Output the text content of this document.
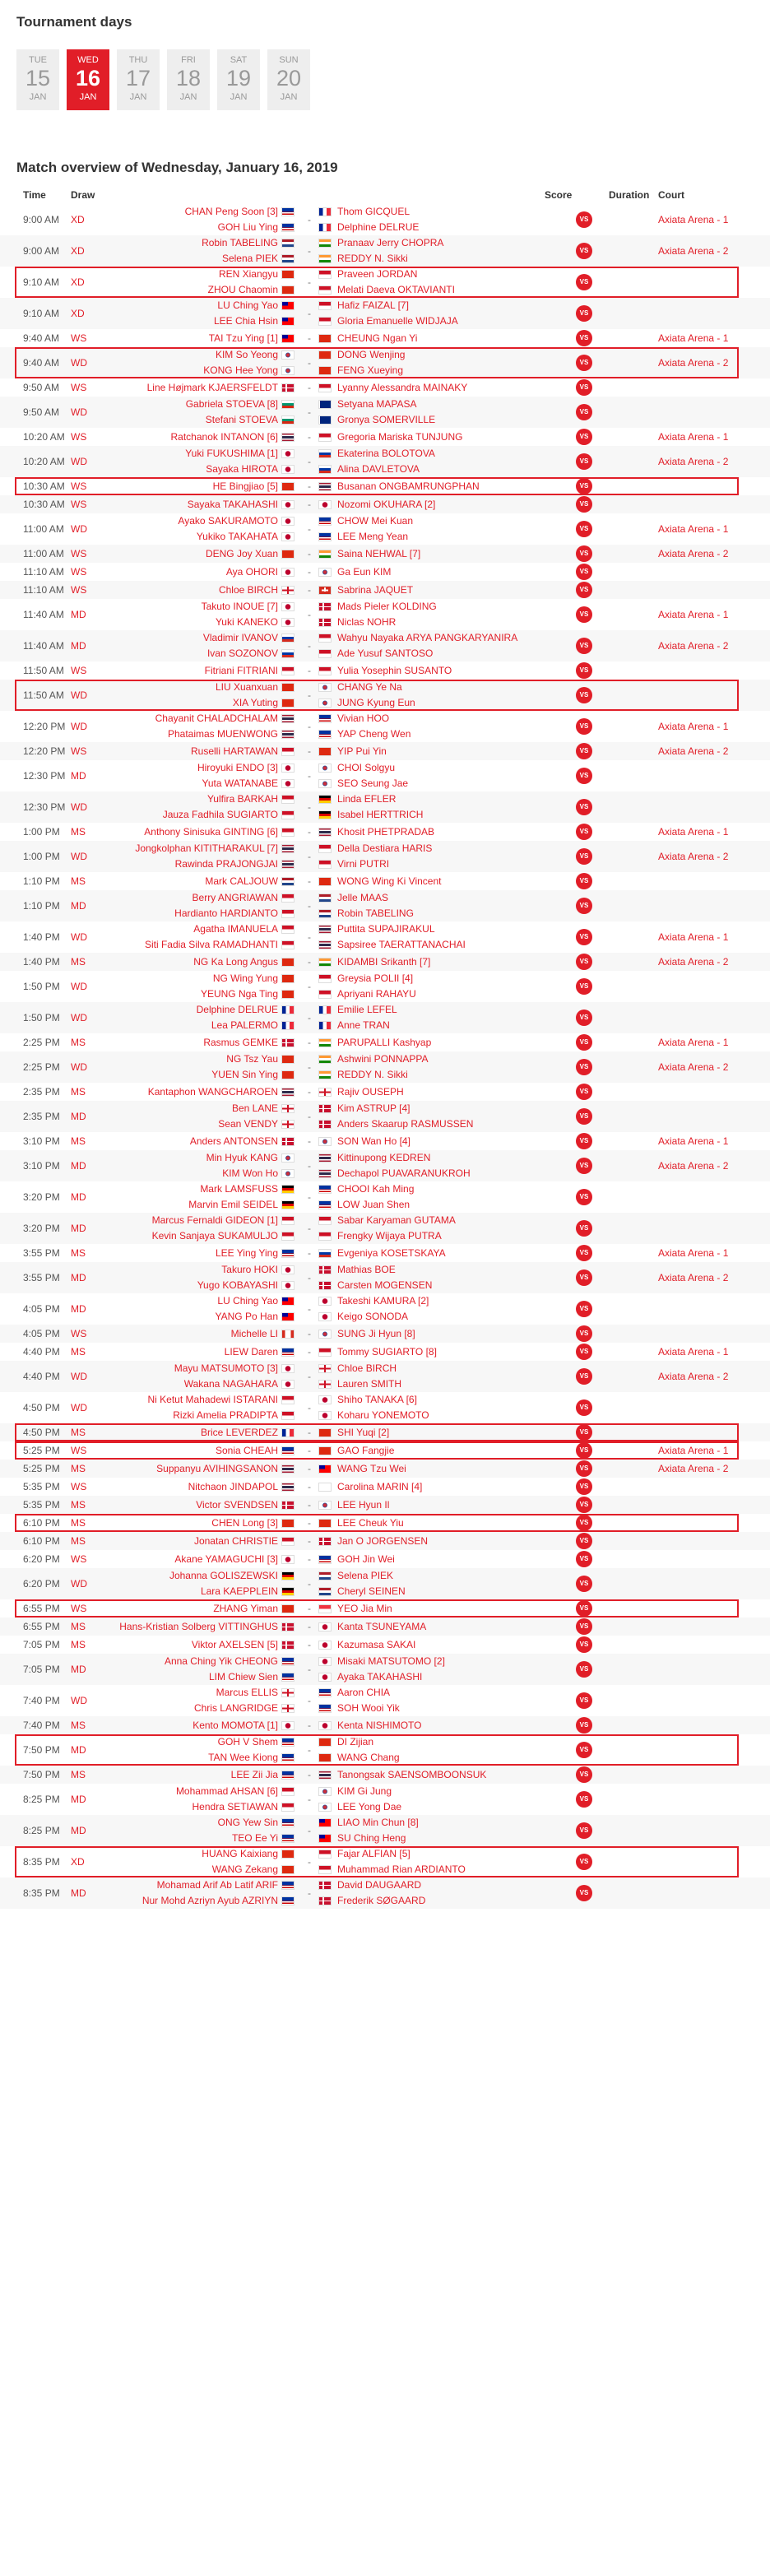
Tournament days
TUE
15
JAN
WED
16
JAN
THU
17
JAN
FRI
18
JAN
SAT
19
JAN
SUN
20
JAN
Match overview of Wednesday, January 16, 2019
Time	Draw	Score	Duration Court
9:00 AM	XD
CHAN Peng Soon [3]
GOH Liu Ying
-
Thom GICQUEL
Delphine DELRUE
VS	Axiata Arena - 1
9:00 AM	XD
Robin TABELING
Selena PIEK
-
Pranaav Jerry CHOPRA
REDDY N. Sikki
VS	Axiata Arena - 2
9:10 AM	XD
REN Xiangyu
ZHOU Chaomin
-
Praveen JORDAN
Melati Daeva OKTAVIANTI
VS
9:10 AM	XD
LU Ching Yao
LEE Chia Hsin
-
Hafiz FAIZAL [7]
Gloria Emanuelle WIDJAJA
VS
9:40 AM	WS	TAI Tzu Ying [1]	-	CHEUNG Ngan Yi	VS	Axiata Arena - 1
9:40 AM	WD
KIM So Yeong
KONG Hee Yong
-
DONG Wenjing
FENG Xueying
VS	Axiata Arena - 2
9:50 AM	WS	Line Højmark KJAERSFELDT	-	Lyanny Alessandra MAINAKY	VS
9:50 AM	WD
Gabriela STOEVA [8]
Stefani STOEVA
-
Setyana MAPASA
Gronya SOMERVILLE
VS
10:20 AM WS	Ratchanok INTANON [6]	-	Gregoria Mariska TUNJUNG	VS	Axiata Arena - 1
10:20 AM WD
Yuki FUKUSHIMA [1]
Sayaka HIROTA
-
Ekaterina BOLOTOVA
Alina DAVLETOVA
VS	Axiata Arena - 2
10:30 AM WS	HE Bingjiao [5]	-	Busanan ONGBAMRUNGPHAN	VS
10:30 AM WS	Sayaka TAKAHASHI	-	Nozomi OKUHARA [2]	VS
11:00 AM WD
Ayako SAKURAMOTO
Yukiko TAKAHATA
-
CHOW Mei Kuan
LEE Meng Yean
VS	Axiata Arena - 1
11:00 AM WS	DENG Joy Xuan	-	Saina NEHWAL [7]	VS	Axiata Arena - 2
11:10 AM WS	Aya OHORI	-	Ga Eun KIM	VS
11:10 AM WS	Chloe BIRCH	-	Sabrina JAQUET	VS
11:40 AM MD
Takuto INOUE [7]
Yuki KANEKO
-
Mads Pieler KOLDING
Niclas NOHR
VS	Axiata Arena - 1
11:40 AM MD
Vladimir IVANOV
Ivan SOZONOV
-
Wahyu Nayaka ARYA PANGKARYANIRA
Ade Yusuf SANTOSO
VS	Axiata Arena - 2
11:50 AM WS	Fitriani FITRIANI	-	Yulia Yosephin SUSANTO	VS
11:50 AM WD
LIU Xuanxuan
XIA Yuting
-
CHANG Ye Na
JUNG Kyung Eun
VS
12:20 PM WD
Chayanit CHALADCHALAM
Phataimas MUENWONG
-
Vivian HOO
YAP Cheng Wen
VS	Axiata Arena - 1
12:20 PM WS	Ruselli HARTAWAN	-	YIP Pui Yin	VS	Axiata Arena - 2
12:30 PM MD
Hiroyuki ENDO [3]
Yuta WATANABE
-
CHOI Solgyu
SEO Seung Jae
VS
12:30 PM WD
Yulfira BARKAH
Jauza Fadhila SUGIARTO
-
Linda EFLER
Isabel HERTTRICH
VS
1:00 PM	MS	Anthony Sinisuka GINTING [6]	-	Khosit PHETPRADAB	VS	Axiata Arena - 1
1:00 PM	WD
Jongkolphan KITITHARAKUL [7]
Rawinda PRAJONGJAI
-
Della Destiara HARIS
Virni PUTRI
VS	Axiata Arena - 2
1:10 PM	MS	Mark CALJOUW	-	WONG Wing Ki Vincent	VS
1:10 PM	MD
Berry ANGRIAWAN
Hardianto HARDIANTO
-
Jelle MAAS
Robin TABELING
VS
1:40 PM	WD
Agatha IMANUELA
Siti Fadia Silva RAMADHANTI
-
Puttita SUPAJIRAKUL
Sapsiree TAERATTANACHAI
VS	Axiata Arena - 1
1:40 PM	MS	NG Ka Long Angus	-	KIDAMBI Srikanth [7]	VS	Axiata Arena - 2
1:50 PM	WD
NG Wing Yung
YEUNG Nga Ting
-
Greysia POLII [4]
Apriyani RAHAYU
VS
1:50 PM	WD
Delphine DELRUE
Lea PALERMO
-
Emilie LEFEL
Anne TRAN
VS
2:25 PM	MS	Rasmus GEMKE	-	PARUPALLI Kashyap	VS	Axiata Arena - 1
2:25 PM	WD
NG Tsz Yau
YUEN Sin Ying
-
Ashwini PONNAPPA
REDDY N. Sikki
VS	Axiata Arena - 2
2:35 PM	MS	Kantaphon WANGCHAROEN	-	Rajiv OUSEPH	VS
2:35 PM	MD
Ben LANE
Sean VENDY
-
Kim ASTRUP [4]
Anders Skaarup RASMUSSEN
VS
3:10 PM	MS	Anders ANTONSEN	-	SON Wan Ho [4]	VS	Axiata Arena - 1
3:10 PM	MD
Min Hyuk KANG
KIM Won Ho
-
Kittinupong KEDREN
Dechapol PUAVARANUKROH
VS	Axiata Arena - 2
3:20 PM	MD
Mark LAMSFUSS
Marvin Emil SEIDEL
-
CHOOI Kah Ming
LOW Juan Shen
VS
3:20 PM	MD
Marcus Fernaldi GIDEON [1]
Kevin Sanjaya SUKAMULJO
-
Sabar Karyaman GUTAMA
Frengky Wijaya PUTRA
VS
3:55 PM	MS	LEE Ying Ying	-	Evgeniya KOSETSKAYA	VS	Axiata Arena - 1
3:55 PM	MD
Takuro HOKI
Yugo KOBAYASHI
-
Mathias BOE
Carsten MOGENSEN
VS	Axiata Arena - 2
4:05 PM	MD
LU Ching Yao
YANG Po Han
-
Takeshi KAMURA [2]
Keigo SONODA
VS
4:05 PM	WS	Michelle LI	-	SUNG Ji Hyun [8]	VS
4:40 PM	MS	LIEW Daren	-	Tommy SUGIARTO [8]	VS	Axiata Arena - 1
4:40 PM	WD
Mayu MATSUMOTO [3]
Wakana NAGAHARA
-
Chloe BIRCH
Lauren SMITH
VS	Axiata Arena - 2
4:50 PM	WD
Ni Ketut Mahadewi ISTARANI
Rizki Amelia PRADIPTA
-
Shiho TANAKA [6]
Koharu YONEMOTO
VS
4:50 PM	MS	Brice LEVERDEZ	-	SHI Yuqi [2]	VS
5:25 PM	WS	Sonia CHEAH	-	GAO Fangjie	VS	Axiata Arena - 1
5:25 PM	MS	Suppanyu AVIHINGSANON	-	WANG Tzu Wei	VS	Axiata Arena - 2
5:35 PM	WS	Nitchaon JINDAPOL	-	Carolina MARIN [4]	VS
5:35 PM	MS	Victor SVENDSEN	-	LEE Hyun Il	VS
6:10 PM	MS	CHEN Long [3]	-	LEE Cheuk Yiu	VS
6:10 PM	MS	Jonatan CHRISTIE	-	Jan O JORGENSEN	VS
6:20 PM	WS	Akane YAMAGUCHI [3]	-	GOH Jin Wei	VS
6:20 PM	WD
Johanna GOLISZEWSKI
Lara KAEPPLEIN
-
Selena PIEK
Cheryl SEINEN
VS
6:55 PM	WS	ZHANG Yiman	-	YEO Jia Min	VS
6:55 PM	MS	Hans-Kristian Solberg VITTINGHUS	-	Kanta TSUNEYAMA	VS
7:05 PM	MS	Viktor AXELSEN [5]	-	Kazumasa SAKAI	VS
7:05 PM	MD
Anna Ching Yik CHEONG
LIM Chiew Sien
-
Misaki MATSUTOMO [2]
Ayaka TAKAHASHI
VS
7:40 PM	WD
Marcus ELLIS
Chris LANGRIDGE
-
Aaron CHIA
SOH Wooi Yik
VS
7:40 PM	MS	Kento MOMOTA [1]	-	Kenta NISHIMOTO	VS
7:50 PM	MD
GOH V Shem
TAN Wee Kiong
-
DI Zijian
WANG Chang
VS
7:50 PM	MS	LEE Zii Jia	-	Tanongsak SAENSOMBOONSUK	VS
8:25 PM	MD
Mohammad AHSAN [6]
Hendra SETIAWAN
-
KIM Gi Jung
LEE Yong Dae
VS
8:25 PM	MD
ONG Yew Sin
TEO Ee Yi
-
LIAO Min Chun [8]
SU Ching Heng
VS
8:35 PM	XD
HUANG Kaixiang
WANG Zekang
-
Fajar ALFIAN [5]
Muhammad Rian ARDIANTO
VS
8:35 PM	MD
Mohamad Arif Ab Latif ARIF
Nur Mohd Azriyn Ayub AZRIYN
-
David DAUGAARD
Frederik SØGAARD
VS
